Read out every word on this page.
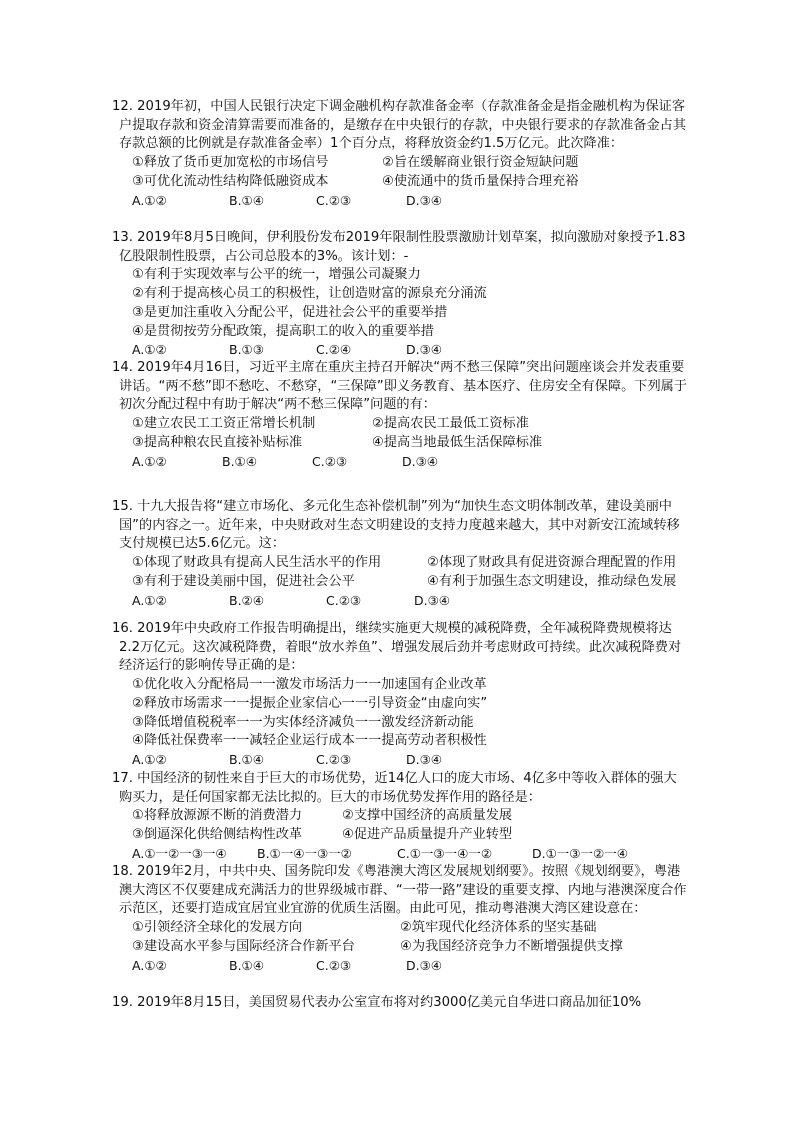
12. 2019年初，中国人民银行决定下调金融机构存款准备金率（存款准备金是指金融机构为保证客户提取存款和资金清算需要而准备的，是缴存在中央银行的存款，中央银行要求的存款准备金占其存款总额的比例就是存款准备金率）1个百分点，将释放资金约1.5万亿元。此次降准：
①释放了货币更加宽松的市场信号	②旨在缓解商业银行资金短缺问题
③可优化流动性结构降低融资成本	④使流通中的货币量保持合理充裕
A.①②	B.①④	C.②③	D.③④
13. 2019年8月5日晚间，伊利股份发布2019年限制性股票激励计划草案，拟向激励对象授予1.83亿股限制性股票，占公司总股本的3%。该计划：-
①有利于实现效率与公平的统一，增强公司凝聚力
②有利于提高核心员工的积极性，让创造财富的源泉充分涌流
③是更加注重收入分配公平，促进社会公平的重要举措
④是贯彻按劳分配政策，提高职工的收入的重要举措
A.①②	B.①③	C.②④	D.③④
14. 2019年4月16日，习近平主席在重庆主持召开解决“两不愁三保障”突出问题座谈会并发表重要讲话。“两不愁”即不愁吃、不愁穿，“三保障”即义务教育、基本医疗、住房安全有保障。下列属于初次分配过程中有助于解决“两不愁三保障”问题的有：
①建立农民工工资正常增长机制	②提高农民工最低工资标准
③提高种粮农民直接补贴标准	④提高当地最低生活保障标准
A.①②	B.①④	C.②③	D.③④
15. 十九大报告将“建立市场化、多元化生态补偿机制”列为“加快生态文明体制改革，建设美丽中国”的内容之一。近年来，中央财政对生态文明建设的支持力度越来越大，其中对新安江流域转移支付规模已达5.6亿元。这：
①体现了财政具有提高人民生活水平的作用	②体现了财政具有促进资源合理配置的作用
③有利于建设美丽中国，促进社会公平	④有利于加强生态文明建设，推动绿色发展
A.①②	B.②④	C.②③	D.③④
16. 2019年中央政府工作报告明确提出，继续实施更大规模的减税降费，全年减税降费规模将达2.2万亿元。这次减税降费，着眼“放水养鱼”、增强发展后劲并考虑财政可持续。此次减税降费对经济运行的影响传导正确的是：
①优化收入分配格局一一激发市场活力一一加速国有企业改革
②释放市场需求一一提振企业家信心一一引导资金“由虚向实”
③降低增值税税率一一为实体经济减负一一激发经济新动能
④降低社保费率一一减轻企业运行成本一一提高劳动者积极性
A.①②	B.①④	C.②③	D.③④
17. 中国经济的韧性来自于巨大的市场优势，近14亿人口的庞大市场、4亿多中等收入群体的强大购买力，是任何国家都无法比拟的。巨大的市场优势发挥作用的路径是：
①将释放源源不断的消费潜力	②支撑中国经济的高质量发展
③倒逼深化供给侧结构性改革	④促进产品质量提升产业转型
A.①一②一③一④	B.①一④一③一②	C.①一③一④一②	D.①一③一②一④
18. 2019年2月，中共中央、国务院印发《粤港澳大湾区发展规划纲要》。按照《规划纲要》，粤港澳大湾区不仅要建成充满活力的世界级城市群、“一带一路”建设的重要支撑、内地与港澳深度合作示范区，还要打造成宜居宜业宜游的优质生活圈。由此可见，推动粤港澳大湾区建设意在：
①引领经济全球化的发展方向	②筑牢现代化经济体系的坚实基础
③建设高水平参与国际经济合作新平台	④为我国经济竞争力不断增强提供支撑
A.①②	B.①④	C.②③	D.③④
19. 2019年8月15日，美国贸易代表办公室宣布将对约3000亿美元自华进口商品加征10%
